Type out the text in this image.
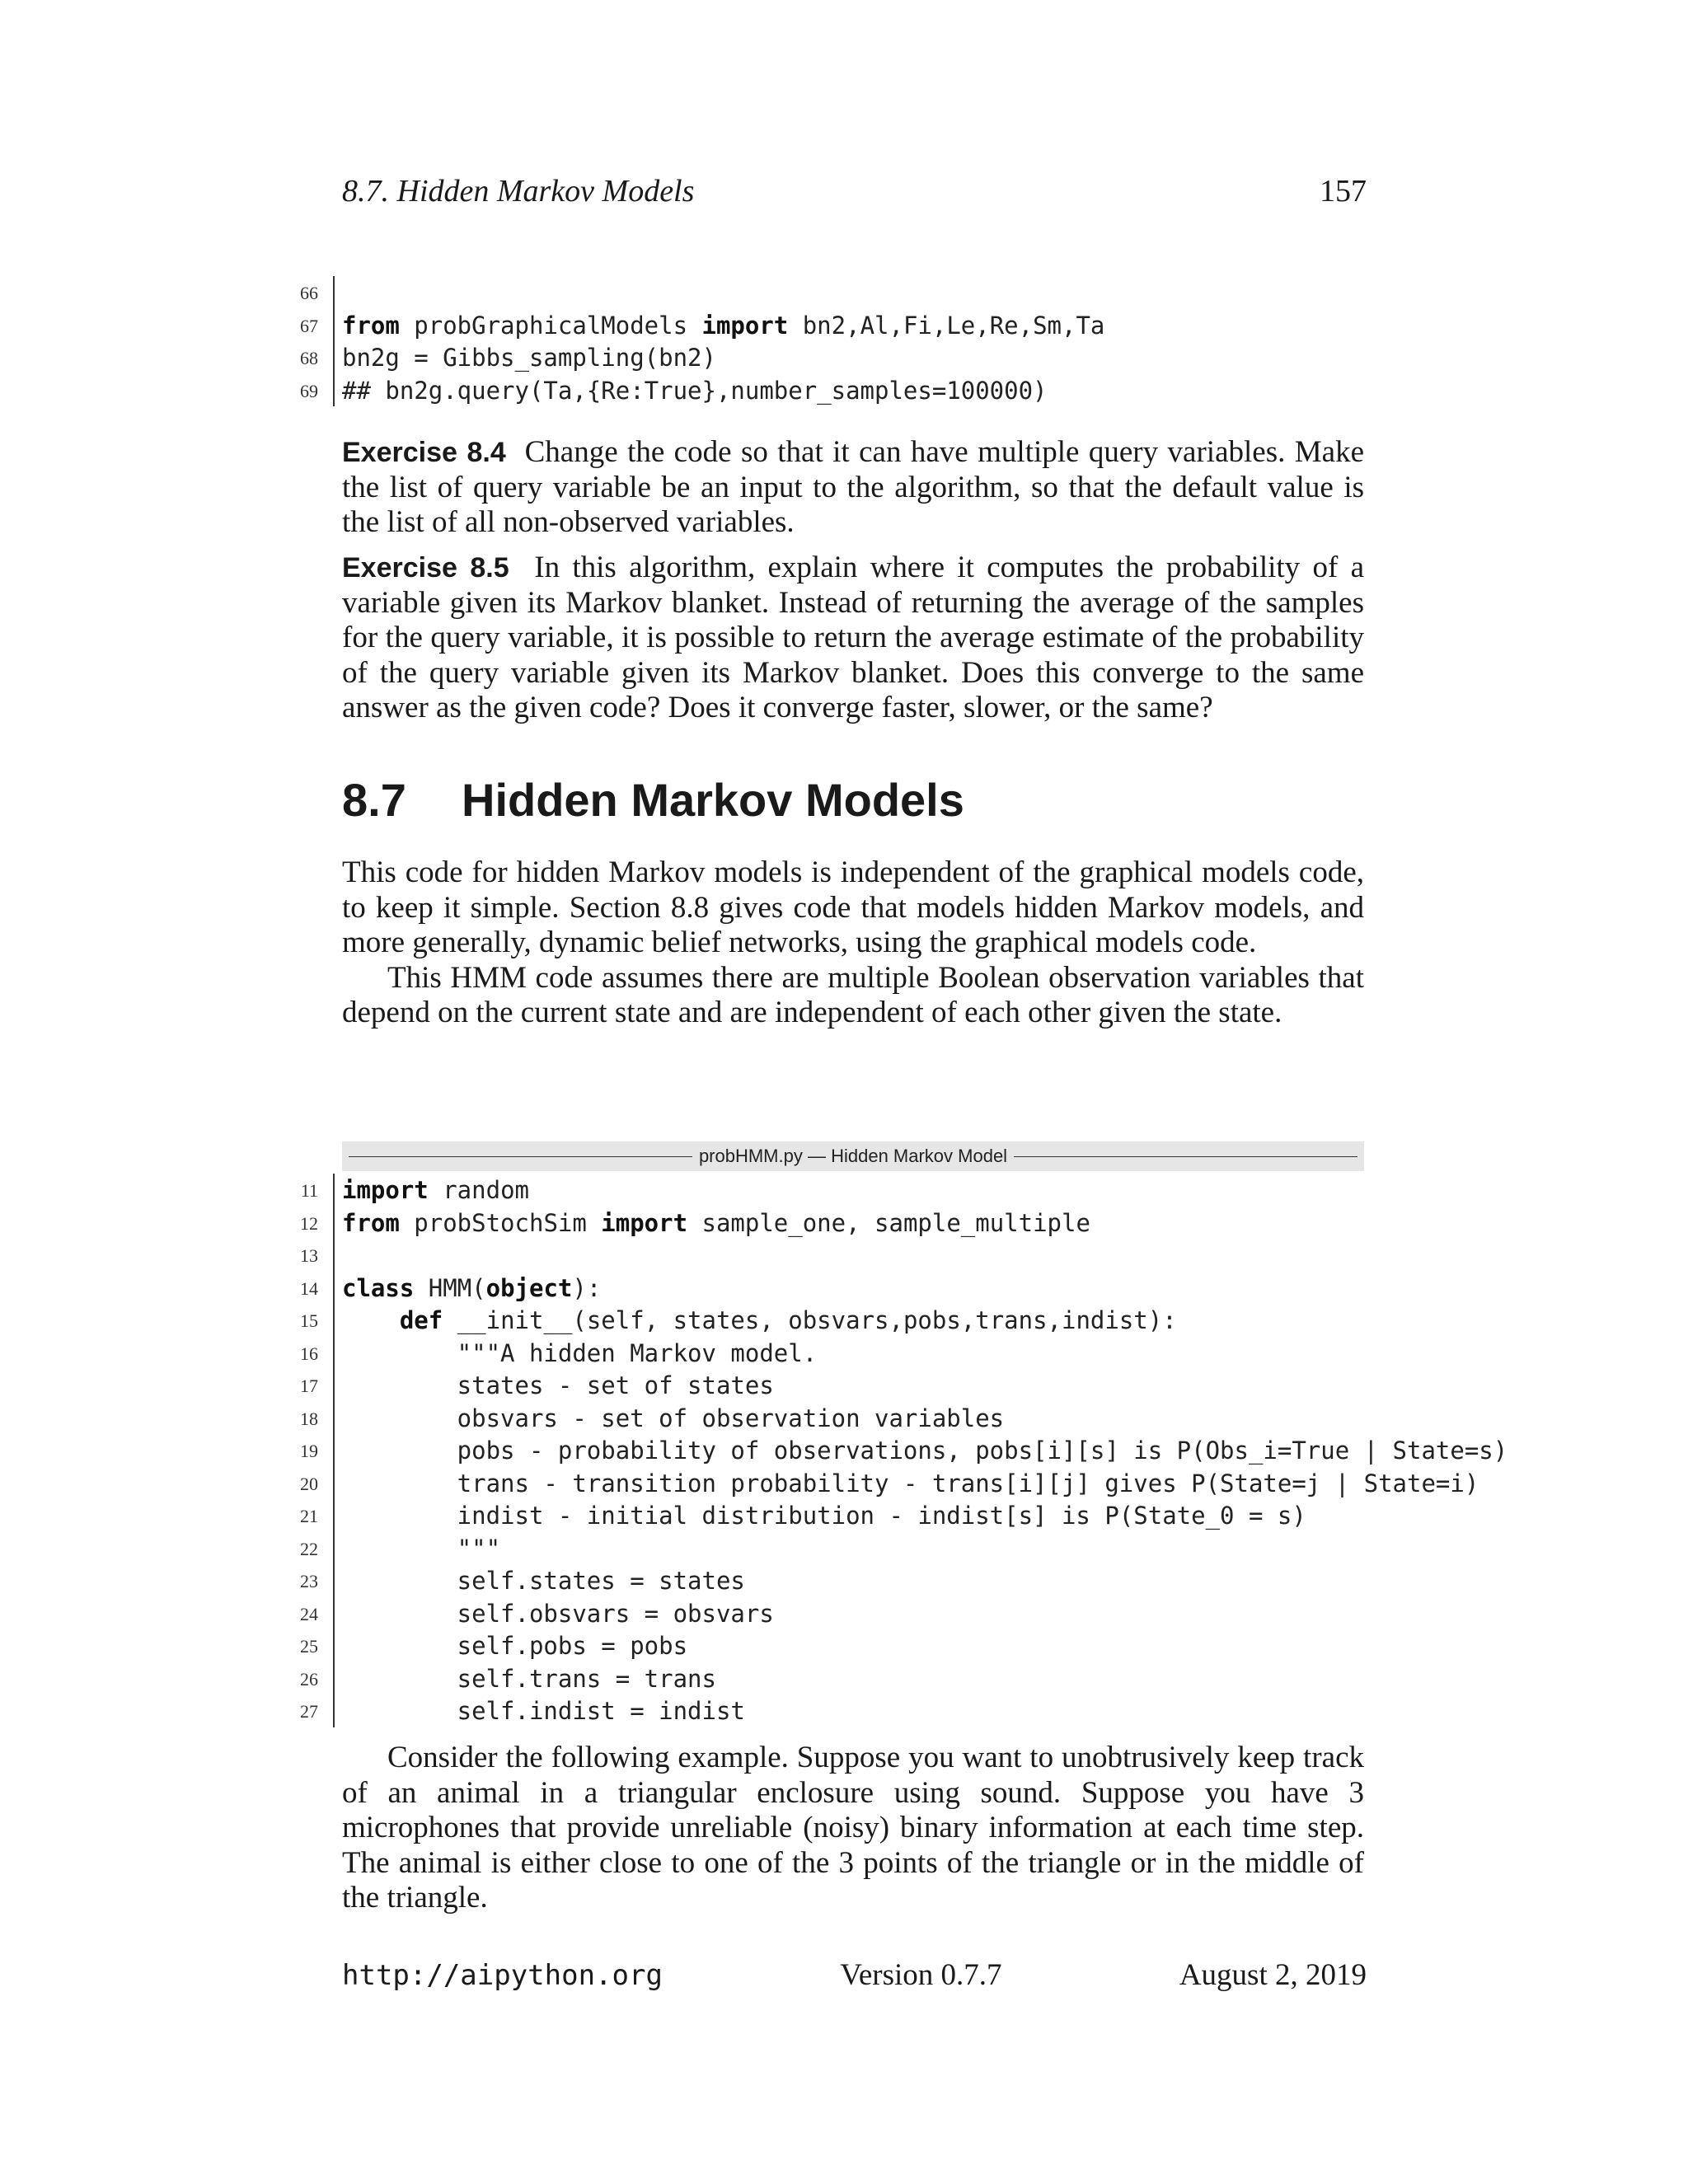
8.7. Hidden Markov Models	157
66
67 from probGraphicalModels import bn2,Al,Fi,Le,Re,Sm,Ta
68 bn2g = Gibbs_sampling(bn2)
69 ## bn2g.query(Ta,{Re:True},number_samples=100000)

Exercise 8.4 Change the code so that it can have multiple query variables. Make the list of query variable be an input to the algorithm, so that the default value is the list of all non-observed variables.

Exercise 8.5 In this algorithm, explain where it computes the probability of a variable given its Markov blanket. Instead of returning the average of the samples for the query variable, it is possible to return the average estimate of the probability of the query variable given its Markov blanket. Does this converge to the same answer as the given code? Does it converge faster, slower, or the same?

8.7	Hidden Markov Models

This code for hidden Markov models is independent of the graphical models code, to keep it simple. Section 8.8 gives code that models hidden Markov models, and more generally, dynamic belief networks, using the graphical models code.

This HMM code assumes there are multiple Boolean observation variables that depend on the current state and are independent of each other given the state.

probHMM.py — Hidden Markov Model
11 import random
12 from probStochSim import sample_one, sample_multiple
13
14 class HMM(object):
15	def __init__(self, states, obsvars,pobs,trans,indist):
16 """A hidden Markov model.
17 states - set of states
18 obsvars - set of observation variables
19 pobs - probability of observations, pobs[i][s] is P(Obs_i=True | State=s)
20 trans - transition probability - trans[i][j] gives P(State=j | State=i)
21 indist - initial distribution - indist[s] is P(State_0 = s)
22 """
23 self.states = states
24 self.obsvars = obsvars
25 self.pobs = pobs
26 self.trans = trans
27 self.indist = indist

Consider the following example. Suppose you want to unobtrusively keep track of an animal in a triangular enclosure using sound. Suppose you have 3 microphones that provide unreliable (noisy) binary information at each time step. The animal is either close to one of the 3 points of the triangle or in the middle of the triangle.

http://aipython.org	Version 0.7.7	August 2, 2019
